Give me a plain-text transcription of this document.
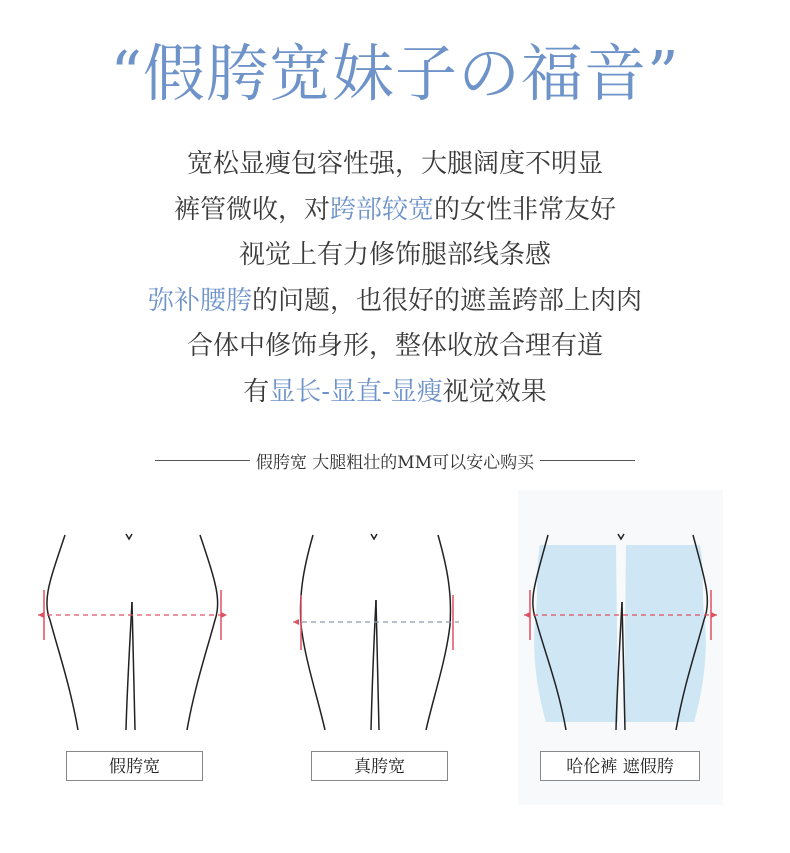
“假胯宽妹子の福音”
宽松显瘦包容性强，大腿阔度不明显
裤管微收，对跨部较宽的女性非常友好
视觉上有力修饰腿部线条感
弥补腰胯的问题，也很好的遮盖跨部上肉肉
合体中修饰身形，整体收放合理有道
有显长-显直-显瘦视觉效果
假胯宽 大腿粗壮的MM可以安心购买
假胯宽	真胯宽	哈伦裤 遮假胯
